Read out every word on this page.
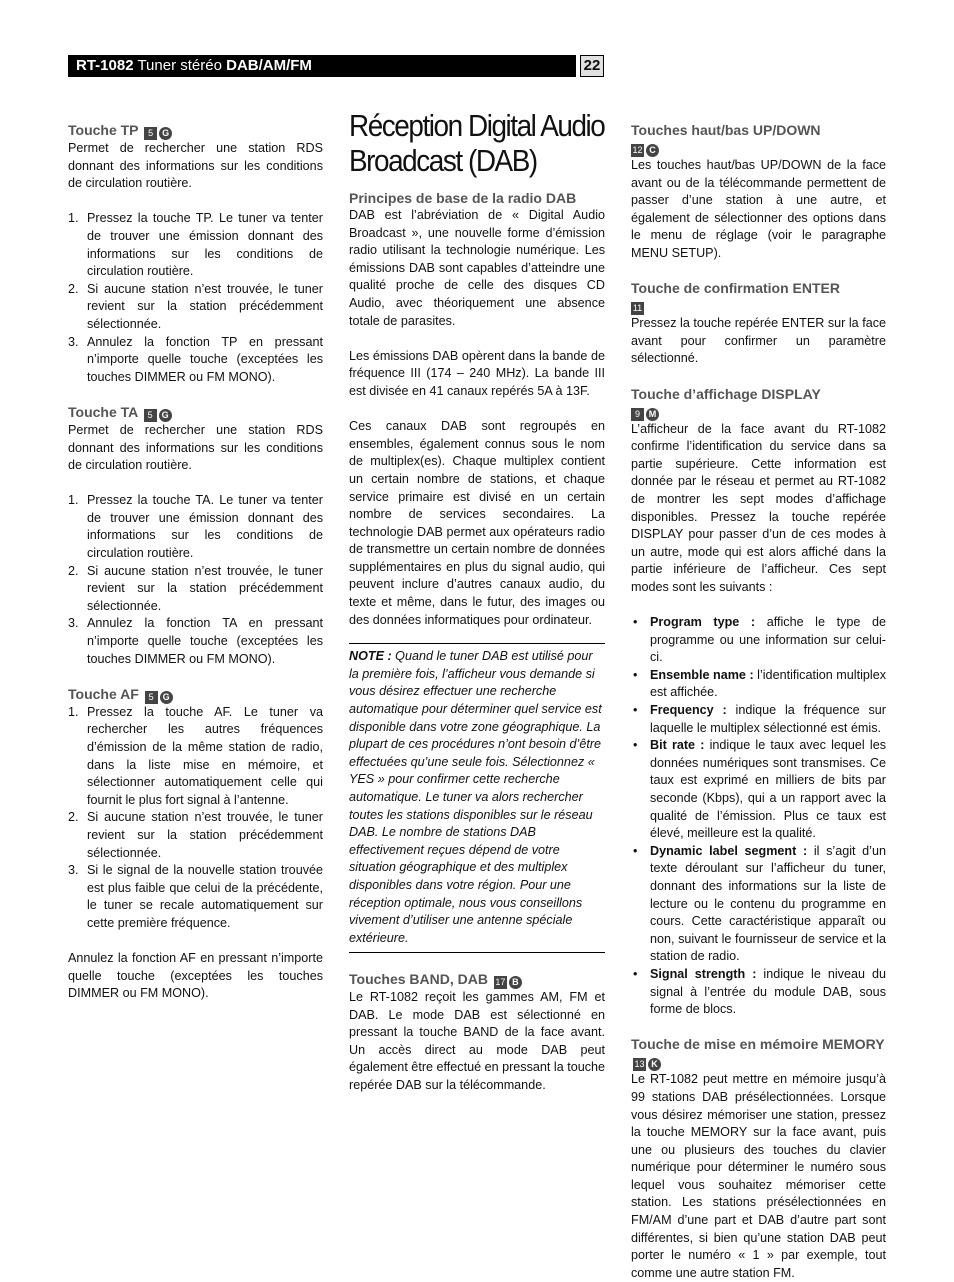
RT-1082 Tuner stéréo DAB/AM/FM	22
Touche TP 5 G

Permet de rechercher une station RDS donnant des informations sur les conditions de circulation routière.

1. Pressez la touche TP. Le tuner va tenter de trouver une émission donnant des informations sur les conditions de circulation routière.
2. Si aucune station n’est trouvée, le tuner revient sur la station précédemment sélectionnée.
3. Annulez la fonction TP en pressant n’importe quelle touche (exceptées les touches DIMMER ou FM MONO).
Touche TA 5 G

Permet de rechercher une station RDS donnant des informations sur les conditions de circulation routière.

1. Pressez la touche TA. Le tuner va tenter de trouver une émission donnant des informations sur les conditions de circulation routière.
2. Si aucune station n’est trouvée, le tuner revient sur la station précédemment sélectionnée.
3. Annulez la fonction TA en pressant n’importe quelle touche (exceptées les touches DIMMER ou FM MONO).
Touche AF 5 G
1. Pressez la touche AF. Le tuner va rechercher les autres fréquences d’émission de la même station de radio, dans la liste mise en mémoire, et sélectionner automatiquement celle qui fournit le plus fort signal à l’antenne.
2. Si aucune station n’est trouvée, le tuner revient sur la station précédemment sélectionnée.
3. Si le signal de la nouvelle station trouvée est plus faible que celui de la précédente, le tuner se recale automatiquement sur cette première fréquence.

Annulez la fonction AF en pressant n’importe quelle touche (exceptées les touches DIMMER ou FM MONO).

Réception Digital Audio
Broadcast (DAB)
Principes de base de la radio DAB

DAB est l’abréviation de « Digital Audio Broadcast », une nouvelle forme d’émission radio utilisant la technologie numérique. Les émissions DAB sont capables d’atteindre une qualité proche de celle des disques CD Audio, avec théoriquement une absence totale de parasites.

Les émissions DAB opèrent dans la bande de fréquence III (174 – 240 MHz). La bande III est divisée en 41 canaux repérés 5A à 13F.

Ces canaux DAB sont regroupés en ensembles, également connus sous le nom de multiplex(es). Chaque multiplex contient un certain nombre de stations, et chaque service primaire est divisé en un certain nombre de services secondaires. La technologie DAB permet aux opérateurs radio de transmettre un certain nombre de données supplémentaires en plus du signal audio, qui peuvent inclure d’autres canaux audio, du texte et même, dans le futur, des images ou des données informatiques pour ordinateur.

NOTE : Quand le tuner DAB est utilisé pour la première fois, l’afficheur vous demande si vous désirez effectuer une recherche automatique pour déterminer quel service est disponible dans votre zone géographique. La plupart de ces procédures n’ont besoin d’être effectuées qu’une seule fois. Sélectionnez « YES » pour confirmer cette recherche automatique. Le tuner va alors rechercher toutes les stations disponibles sur le réseau DAB. Le nombre de stations DAB effectivement reçues dépend de votre situation géographique et des multiplex disponibles dans votre région. Pour une réception optimale, nous vous conseillons vivement d’utiliser une antenne spéciale extérieure.

Touches BAND, DAB 17 B

Le RT-1082 reçoit les gammes AM, FM et DAB. Le mode DAB est sélectionné en pressant la touche BAND de la face avant. Un accès direct au mode DAB peut également être effectué en pressant la touche repérée DAB sur la télécommande.

Touches haut/bas UP/DOWN
12 C

Les touches haut/bas UP/DOWN de la face avant ou de la télécommande permettent de passer d’une station à une autre, et également de sélectionner des options dans le menu de réglage (voir le paragraphe MENU SETUP).

Touche de confirmation ENTER
11

Pressez la touche repérée ENTER sur la face avant pour confirmer un paramètre sélectionné.

Touche d’affichage DISPLAY
9 M

L’afficheur de la face avant du RT-1082 confirme l’identification du service dans sa partie supérieure. Cette information est donnée par le réseau et permet au RT-1082 de montrer les sept modes d’affichage disponibles. Pressez la touche repérée DISPLAY pour passer d’un de ces modes à un autre, mode qui est alors affiché dans la partie inférieure de l’afficheur. Ces sept modes sont les suivants :

• Program type : affiche le type de programme ou une information sur celui-ci.
• Ensemble name : l’identification multiplex est affichée.
• Frequency : indique la fréquence sur laquelle le multiplex sélectionné est émis.
• Bit rate : indique le taux avec lequel les données numériques sont transmises. Ce taux est exprimé en milliers de bits par seconde (Kbps), qui a un rapport avec la qualité de l’émission. Plus ce taux est élevé, meilleure est la qualité.
• Dynamic label segment : il s’agit d’un texte déroulant sur l’afficheur du tuner, donnant des informations sur la liste de lecture ou le contenu du programme en cours. Cette caractéristique apparaît ou non, suivant le fournisseur de service et la station de radio.
• Signal strength : indique le niveau du signal à l’entrée du module DAB, sous forme de blocs.
Touche de mise en mémoire MEMORY 13 K

Le RT-1082 peut mettre en mémoire jusqu’à 99 stations DAB présélectionnées. Lorsque vous désirez mémoriser une station, pressez la touche MEMORY sur la face avant, puis une ou plusieurs des touches du clavier numérique pour déterminer le numéro sous lequel vous souhaitez mémoriser cette station. Les stations présélectionnées en FM/AM d’une part et DAB d’autre part sont différentes, si bien qu’une station DAB peut porter le numéro « 1 » par exemple, tout comme une autre station FM.
